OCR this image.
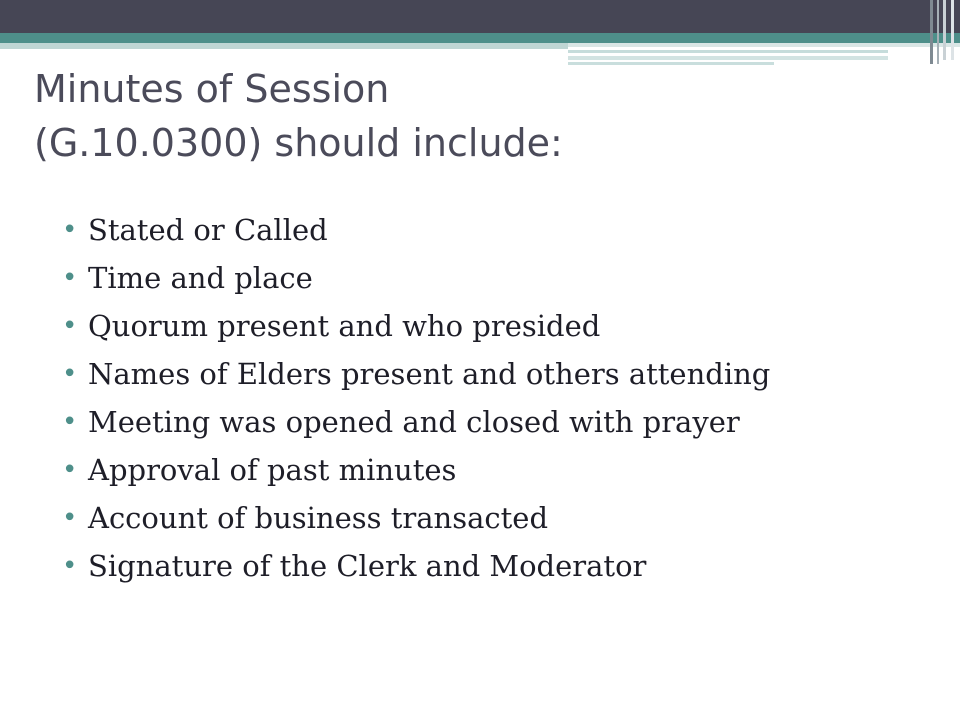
Minutes of Session
(G.10.0300) should include:
• Stated or Called
• Time and place
• Quorum present and who presided
• Names of Elders present and others attending
• Meeting was opened and closed with prayer
• Approval of past minutes
• Account of business transacted
• Signature of the Clerk and Moderator
